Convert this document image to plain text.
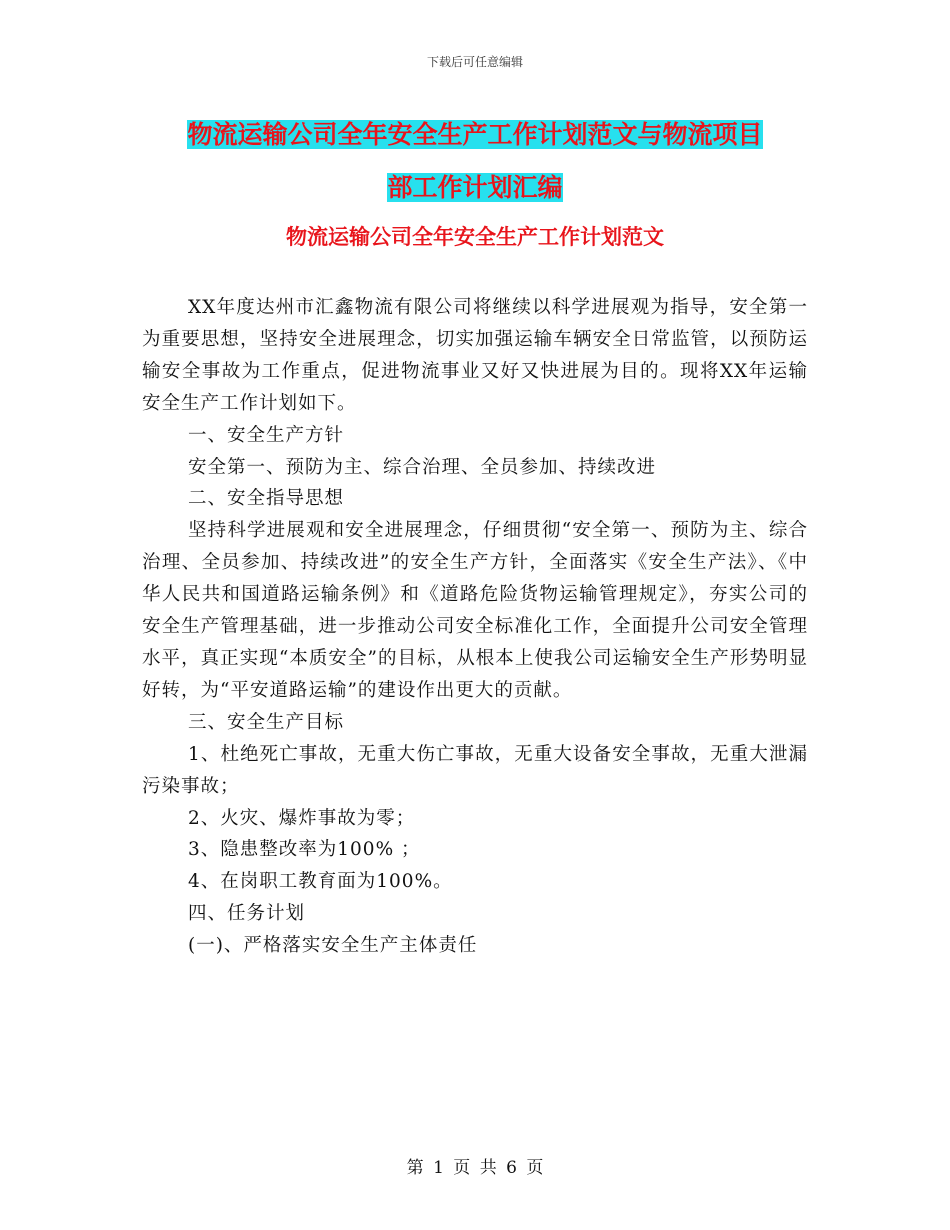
下载后可任意编辑
物流运输公司全年安全生产工作计划范文与物流项目
部工作计划汇编
物流运输公司全年安全生产工作计划范文

XX年度达州市汇鑫物流有限公司将继续以科学进展观为指导，安全第一为重要思想，坚持安全进展理念，切实加强运输车辆安全日常监管，以预防运输安全事故为工作重点，促进物流事业又好又快进展为目的。现将XX年运输安全生产工作计划如下。

一、安全生产方针

安全第一、预防为主、综合治理、全员参加、持续改进

二、安全指导思想

坚持科学进展观和安全进展理念，仔细贯彻“安全第一、预防为主、综合治理、全员参加、持续改进”的安全生产方针，全面落实《安全生产法》、《中华人民共和国道路运输条例》和《道路危险货物运输管理规定》，夯实公司的安全生产管理基础，进一步推动公司安全标准化工作，全面提升公司安全管理水平，真正实现“本质安全”的目标，从根本上使我公司运输安全生产形势明显好转，为“平安道路运输”的建设作出更大的贡献。

三、安全生产目标

1、杜绝死亡事故，无重大伤亡事故，无重大设备安全事故，无重大泄漏污染事故；

2、火灾、爆炸事故为零；

3、隐患整改率为100% ；

4、在岗职工教育面为100%。

四、任务计划

(一)、严格落实安全生产主体责任

第 1 页 共 6 页
